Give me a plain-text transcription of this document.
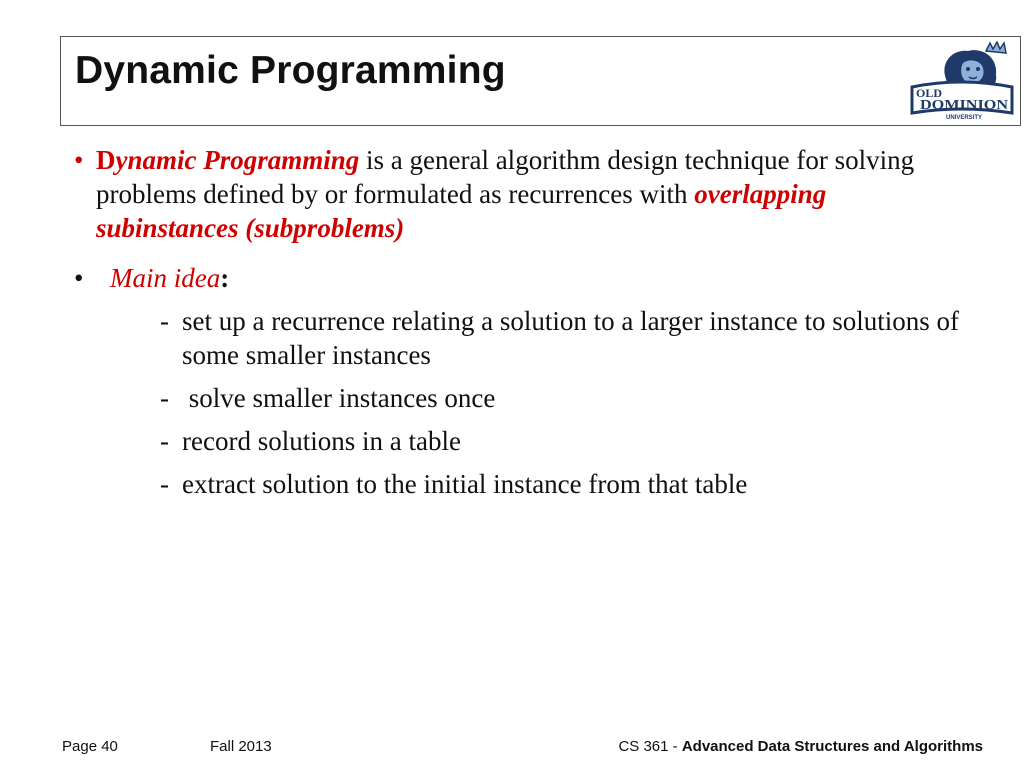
Dynamic Programming
OLD
DOMINION
UNIVERSITY
• Dynamic Programming is a general algorithm design technique for solving problems defined by or formulated as recurrences with overlapping subinstances (subproblems)
• Main idea:
- set up a recurrence relating a solution to a larger instance to solutions of some smaller instances
- solve smaller instances once
- record solutions in a table
- extract solution to the initial instance from that table
Page 40	Fall 2013	CS 361 - Advanced Data Structures and Algorithms
